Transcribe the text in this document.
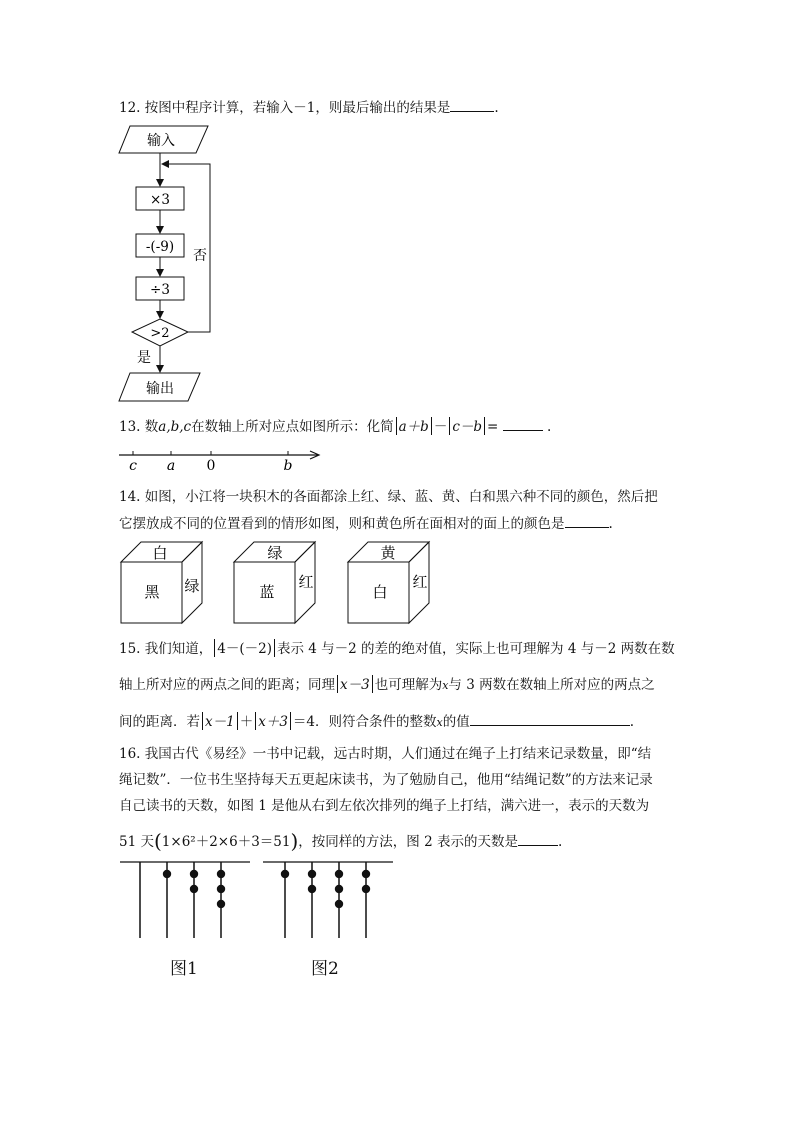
12. 按图中程序计算，若输入－1，则最后输出的结果是	.
输入
×3
-(-9)
÷3
>2
否
是
输出
13. 数a,b,c在数轴上所对应点如图所示：化简 a＋b － c－b =	.
c a 0	b
14. 如图，小江将一块积木的各面都涂上红、绿、蓝、黄、白和黑六种不同的颜色，然后把
它摆放成不同的位置看到的情形如图，则和黄色所在面相对的面上的颜色是	.
白
黑 绿
绿
蓝
红
黄
白
红
15. 我们知道， 4－(－2) 表示 4 与－2 的差的绝对值，实际上也可理解为 4 与－2 两数在数
轴上所对应的两点之间的距离；同理 x－3 也可理解为x与 3 两数在数轴上所对应的两点之
间的距离．若 x－1 ＋ x＋3 ＝4．则符合条件的整数x的值	.
16. 我国古代《易经》一书中记载，远古时期，人们通过在绳子上打结来记录数量，即“结
绳记数”．一位书生坚持每天五更起床读书，为了勉励自己，他用“结绳记数”的方法来记录
自己读书的天数，如图 1 是他从右到左依次排列的绳子上打结，满六进一，表示的天数为
51 天(1×6²＋2×6＋3＝51)，按同样的方法，图 2 表示的天数是	.
图1	图2
